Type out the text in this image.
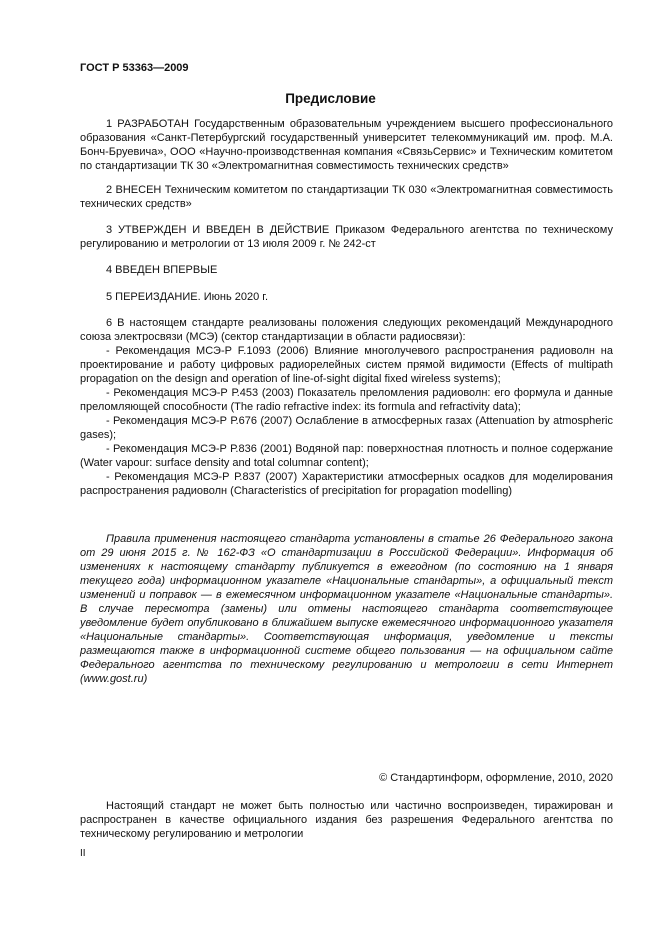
ГОСТ Р 53363—2009
Предисловие

1 РАЗРАБОТАН Государственным образовательным учреждением высшего профессионального образования «Санкт-Петербургский государственный университет телекоммуникаций им. проф. М.А. Бонч-Бруевича», ООО «Научно-производственная компания «СвязьСервис» и Техническим комитетом по стандартизации ТК 30 «Электромагнитная совместимость технических средств»

2 ВНЕСЕН Техническим комитетом по стандартизации ТК 030 «Электромагнитная совместимость технических средств»

3 УТВЕРЖДЕН И ВВЕДЕН В ДЕЙСТВИЕ Приказом Федерального агентства по техническому регулированию и метрологии от 13 июля 2009 г. № 242-ст

4 ВВЕДЕН ВПЕРВЫЕ

5 ПЕРЕИЗДАНИЕ. Июнь 2020 г.

6 В настоящем стандарте реализованы положения следующих рекомендаций Международного союза электросвязи (МСЭ) (сектор стандартизации в области радиосвязи):

- Рекомендация МСЭ-Р F.1093 (2006) Влияние многолучевого распространения радиоволн на проектирование и работу цифровых радиорелейных систем прямой видимости (Effects of multipath propagation on the design and operation of line-of-sight digital fixed wireless systems);

- Рекомендация МСЭ-Р Р.453 (2003) Показатель преломления радиоволн: его формула и данные преломляющей способности (The radio refractive index: its formula and refractivity data);

- Рекомендация МСЭ-Р Р.676 (2007) Ослабление в атмосферных газах (Attenuation by atmospheric gases);

- Рекомендация МСЭ-Р Р.836 (2001) Водяной пар: поверхностная плотность и полное содержание (Water vapour: surface density and total columnar content);

- Рекомендация МСЭ-Р Р.837 (2007) Характеристики атмосферных осадков для моделирования распространения радиоволн (Characteristics of precipitation for propagation modelling)

Правила применения настоящего стандарта установлены в статье 26 Федерального закона от 29 июня 2015 г. № 162-ФЗ «О стандартизации в Российской Федерации». Информация об изменениях к настоящему стандарту публикуется в ежегодном (по состоянию на 1 января текущего года) информационном указателе «Национальные стандарты», а официальный текст изменений и поправок — в ежемесячном информационном указателе «Национальные стандарты». В случае пересмотра (замены) или отмены настоящего стандарта соответствующее уведомление будет опубликовано в ближайшем выпуске ежемесячного информационного указателя «Национальные стандарты». Соответствующая информация, уведомление и тексты размещаются также в информационной системе общего пользования — на официальном сайте Федерального агентства по техническому регулированию и метрологии в сети Интернет (www.gost.ru)

© Стандартинформ, оформление, 2010, 2020

Настоящий стандарт не может быть полностью или частично воспроизведен, тиражирован и распространен в качестве официального издания без разрешения Федерального агентства по техническому регулированию и метрологии

II
